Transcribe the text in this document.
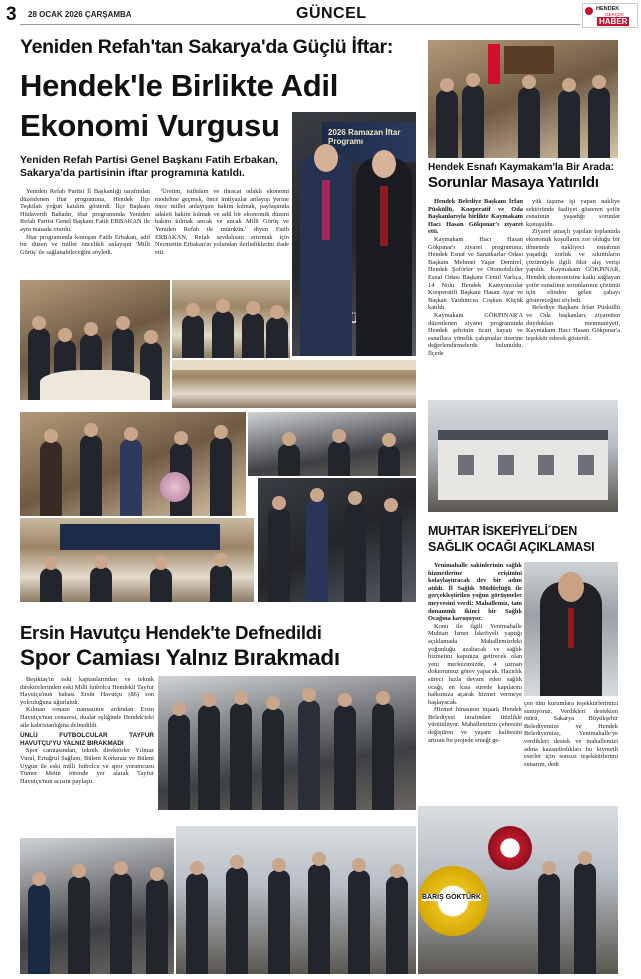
3 28 OCAK 2026 ÇARŞAMBA	GÜNCEL	HENDEK
GERÇEK
HABER
Yeniden Refah'tan Sakarya'da Güçlü İftar:
Hendek'le Birlikte Adil
Ekonomi Vurgusu
Yeniden Refah Partisi Genel Başkanı Fatih Erbakan, Sakarya'da partisinin iftar programına katıldı.

Yeniden Refah Partisi İl Başkanlığı tarafından düzenlenen iftar programına, Hendek İlçe Teşkilatı yoğun katılım gösterdi. İlçe Başkanı Hüdaverdi Bahadır, iftar programında Yeniden Refah Partisi Genel Başkanı Fatih ERBAKAN ile aynı masada oturdu.

İftar programında konuşan Fatih Erbakan, adil bir düzen ve millet öncelikli anlayışın 'Milli Görüş' ile sağlanabileceğini söyledi.

'Üretim, istihdam ve ihracat odaklı ekonomi modeline geçmek, önce imtiyazlar anlayışı yerine önce millet anlayışını hakim kılmak, paylaşımda adaleti hakim kılmak ve adil bir ekonomik düzeni hakim kılmak ancak ve ancak Milli Görüş ve Yeniden Refah ile mümkün.' diyen Fatih ERBAKAN, Refah sevdalısını artırmak için Necmettin Erbakan'ın yolundan ilerlediklerini ifade etti.

2026 Ramazan İftar Programı
Hendek Esnafı Kaymakam'la Bir Arada:
Sorunlar Masaya Yatırıldı

Hendek Belediye Başkanı İrfan Püsküllü, Kooperatif ve Oda Başkanlarıyla birlikte Kaymakam Hacı Hasan Gökpınar'ı ziyaret etti.

Kaymakam Hacı Hasan Gökpınar'ı ziyaret programına; Hendek Esnaf ve Sanatkarlar Odası Başkanı Mehmet Yaşar Demirel, Hendek Şoförler ve Otomobilciler Esnaf Odası Başkanı Cemil Varlıca, 14 Nolu Hendek Kamyoncular Kooperatifi Başkanı Hasan Ayar ve Başkan Yardımcısı Coşkun Küçük katıldı.

Kaymakam GÖKPINAR'A düzenlenen ziyaret programında Hendek şehrinin ticari hayatı ve esnaflara yönelik çalışmalar üzerine değerlendirmelerde bulunuldu. İlçede

yük taşıma işi yapan nakliye sektöründe faaliyet gösteren şoför esnafının yaşadığı sorunlar konuşuldu.

Ziyaret amaçlı yapılan toplantıda ekonomik koşulların zor olduğu bir dönemde nakliyeci esnafının yaşadığı zorluk ve sıkıntıların çözümüyle ilgili fikir alış verişi yapıldı. Kaymakam GÖKPINAR, Hendek ekonomisine katkı sağlayan şoför esnafının sorunlarının çözümü için elinden gelen çabayı göstereceğini söyledi.

Belediye Başkanı İrfan Püsküllü ve Oda başkanları, ziyaretten duydukları memnuniyeti, Kaymakam Hacı Hasan Gökpınar'a teşekkür ederek gösterdi.

MUHTAR İSKEFİYELİ´DEN
SAĞLIK OCAĞI AÇIKLAMASI

Yenimahalle sakinlerinin sağlık hizmetlerine erişimini kolaylaştıracak dev bir adım atıldı. İl Sağlık Müdürlüğü ile gerçekleştirilen yoğun görüşmeler meyvesini verdi: Mahallemiz, tam donanımlı ikinci bir Sağlık Ocağına kavuşuyor.

Konu ile ilgili Yenimahalle Muhtarı İsmet İskefiyeli yaptığı açıklamada Mahallemizdeki yoğunluğu azaltacak ve sağlık hizmetini kapınıza getirecek olan yeni merkezimizde, 4 uzman doktorumuz görev yapacak. Hazırlık süreci hızla devam eden sağlık ocağı, en kısa sürede kapılarını halkımıza açarak hizmet vermeye başlayacak.

Hizmet binasının inşaatı Hendek Belediyesi tarafından titizlikle yürütülüyor. Mahallemizin çehresini değiştiren ve yaşam kalitesini artıran bu projede emeği ge-

çen tüm kurumlara teşekkürlerimizi sunuyoruz. Verdikleri destekten ötürü, Sakarya Büyükşehir Belediyemize ve Hendek Belediyemize, Yenimahalle'ye verdikleri destek ve mahallemizi adına kazandırdıkları bu kıymetli eserler için sonsuz teşekkürlerimi sunarım, dedi

Ersin Havutçu Hendek'te Defnedildi
Spor Camiası Yalnız Bırakmadı

Beşiktaş'ın eski kaptanlarından ve teknik direktörlerinden eski Milli futbolcu Hendekli Tayfur Havutçu'nun babası Ersin Havutçu (86) son yolculuğuna uğurlandı.

Kılınan cenaze namazının ardından Ersin Havutçu'nun cenazesi, dualar eşliğinde Hendek'teki aile kabristanlığına defnedildi.

ÜNLÜ FUTBOLCULAR TAYFUR HAVUTÇU'YU YALNIZ BIRAKMADI

Spor camiasından, teknik direktörler Yılmaz Vural, Ertuğrul Sağlam, Bülent Korkmaz ve Bülent Uygun ile eski milli futbolcu ve spor yorumcusu Tümer Metin törende yer alarak Tayfur Havutçu'nun acısını paylaştı.

BARIŞ GÖKTÜRK
